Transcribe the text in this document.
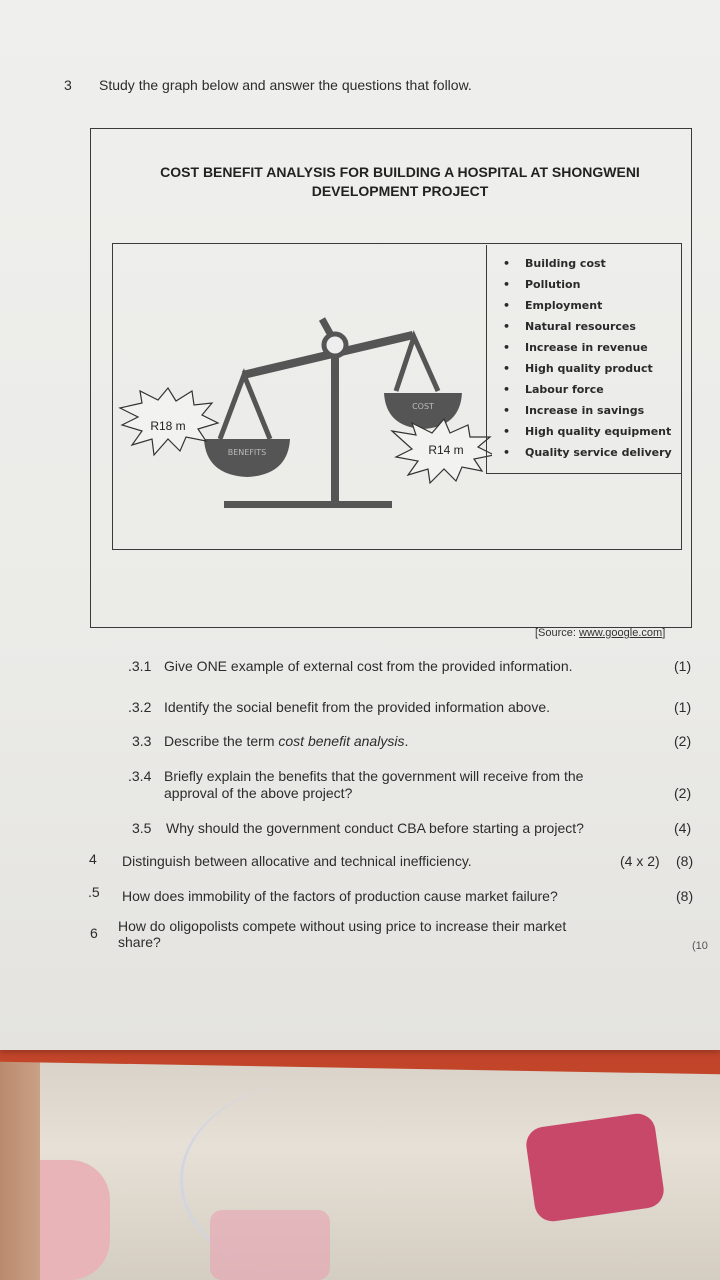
3 Study the graph below and answer the questions that follow.
COST BENEFIT ANALYSIS FOR BUILDING A HOSPITAL AT SHONGWENI
DEVELOPMENT PROJECT
BENEFITS
COST
R18 m
R14 m
• Building cost
• Pollution
• Employment
• Natural resources
• Increase in revenue
• High quality product
• Labour force
• Increase in savings
• High quality equipment
• Quality service delivery
[Source: www.google.com]
.3.1 Give ONE example of external cost from the provided information.	(1)
.3.2 Identify the social benefit from the provided information above.	(1)
3.3 Describe the term cost benefit analysis.	(2)
.3.4 Briefly explain the benefits that the government will receive from the
approval of the above project?	(2)
3.5 Why should the government conduct CBA before starting a project?	(4)
4 Distinguish between allocative and technical inefficiency.	(4 x 2) (8)
.5 How does immobility of the factors of production cause market failure?	(8)
6 How do oligopolists compete without using price to increase their market
share?	(10
